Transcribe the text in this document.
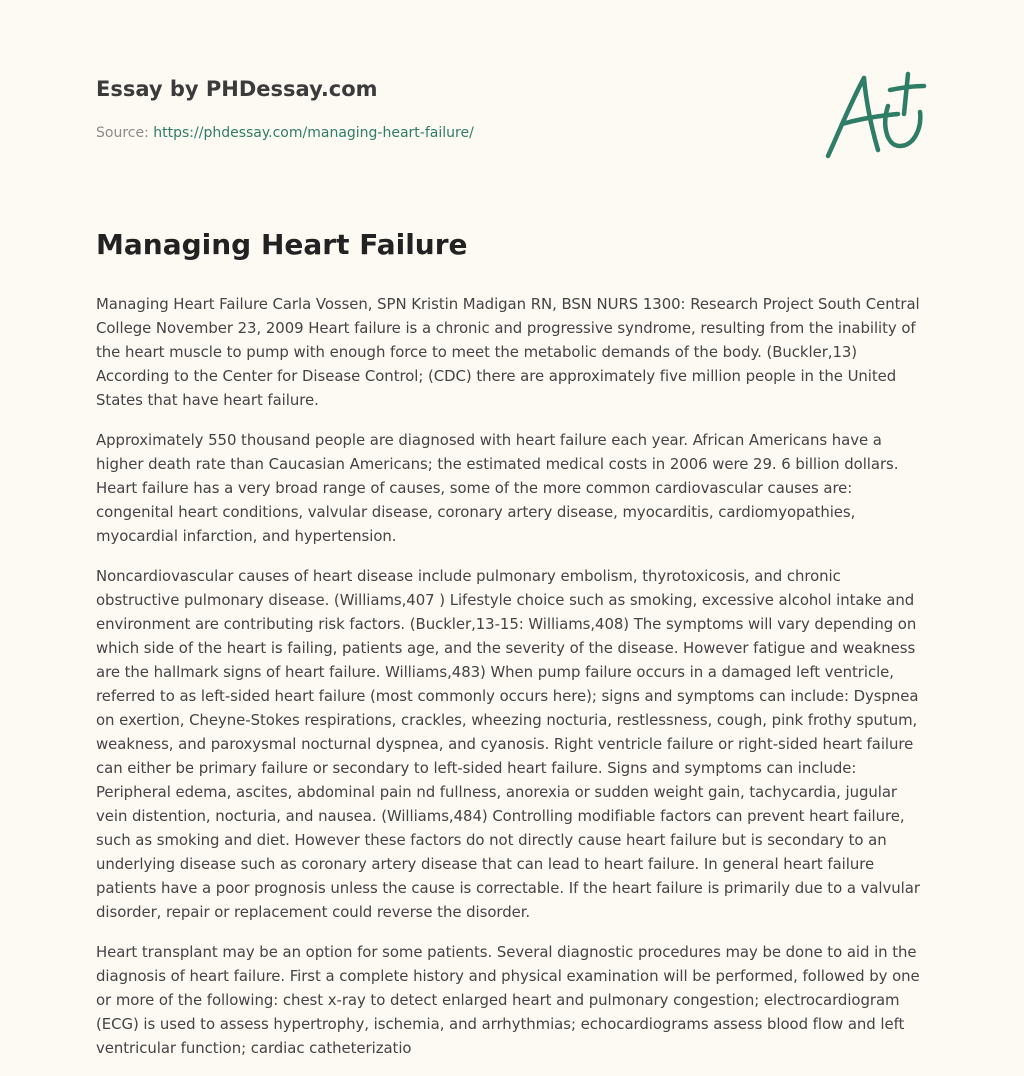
Essay by PHDessay.com
Source: https://phdessay.com/managing-heart-failure/
Managing Heart Failure

Managing Heart Failure Carla Vossen, SPN Kristin Madigan RN, BSN NURS 1300: Research Project South Central College November 23, 2009 Heart failure is a chronic and progressive syndrome, resulting from the inability of the heart muscle to pump with enough force to meet the metabolic demands of the body. (Buckler,13) According to the Center for Disease Control; (CDC) there are approximately five million people in the United States that have heart failure.

Approximately 550 thousand people are diagnosed with heart failure each year. African Americans have a higher death rate than Caucasian Americans; the estimated medical costs in 2006 were 29. 6 billion dollars. Heart failure has a very broad range of causes, some of the more common cardiovascular causes are: congenital heart conditions, valvular disease, coronary artery disease, myocarditis, cardiomyopathies, myocardial infarction, and hypertension.

Noncardiovascular causes of heart disease include pulmonary embolism, thyrotoxicosis, and chronic obstructive pulmonary disease. (Williams,407 ) Lifestyle choice such as smoking, excessive alcohol intake and environment are contributing risk factors. (Buckler,13-15: Williams,408) The symptoms will vary depending on which side of the heart is failing, patients age, and the severity of the disease. However fatigue and weakness are the hallmark signs of heart failure. Williams,483) When pump failure occurs in a damaged left ventricle, referred to as left-sided heart failure (most commonly occurs here); signs and symptoms can include: Dyspnea on exertion, Cheyne-Stokes respirations, crackles, wheezing nocturia, restlessness, cough, pink frothy sputum, weakness, and paroxysmal nocturnal dyspnea, and cyanosis. Right ventricle failure or right-sided heart failure can either be primary failure or secondary to left-sided heart failure. Signs and symptoms can include: Peripheral edema, ascites, abdominal pain nd fullness, anorexia or sudden weight gain, tachycardia, jugular vein distention, nocturia, and nausea. (Williams,484) Controlling modifiable factors can prevent heart failure, such as smoking and diet. However these factors do not directly cause heart failure but is secondary to an underlying disease such as coronary artery disease that can lead to heart failure. In general heart failure patients have a poor prognosis unless the cause is correctable. If the heart failure is primarily due to a valvular disorder, repair or replacement could reverse the disorder.

Heart transplant may be an option for some patients. Several diagnostic procedures may be done to aid in the diagnosis of heart failure. First a complete history and physical examination will be performed, followed by one or more of the following: chest x-ray to detect enlarged heart and pulmonary congestion; electrocardiogram (ECG) is used to assess hypertrophy, ischemia, and arrhythmias; echocardiograms assess blood flow and left ventricular function; cardiac catheterizatio
